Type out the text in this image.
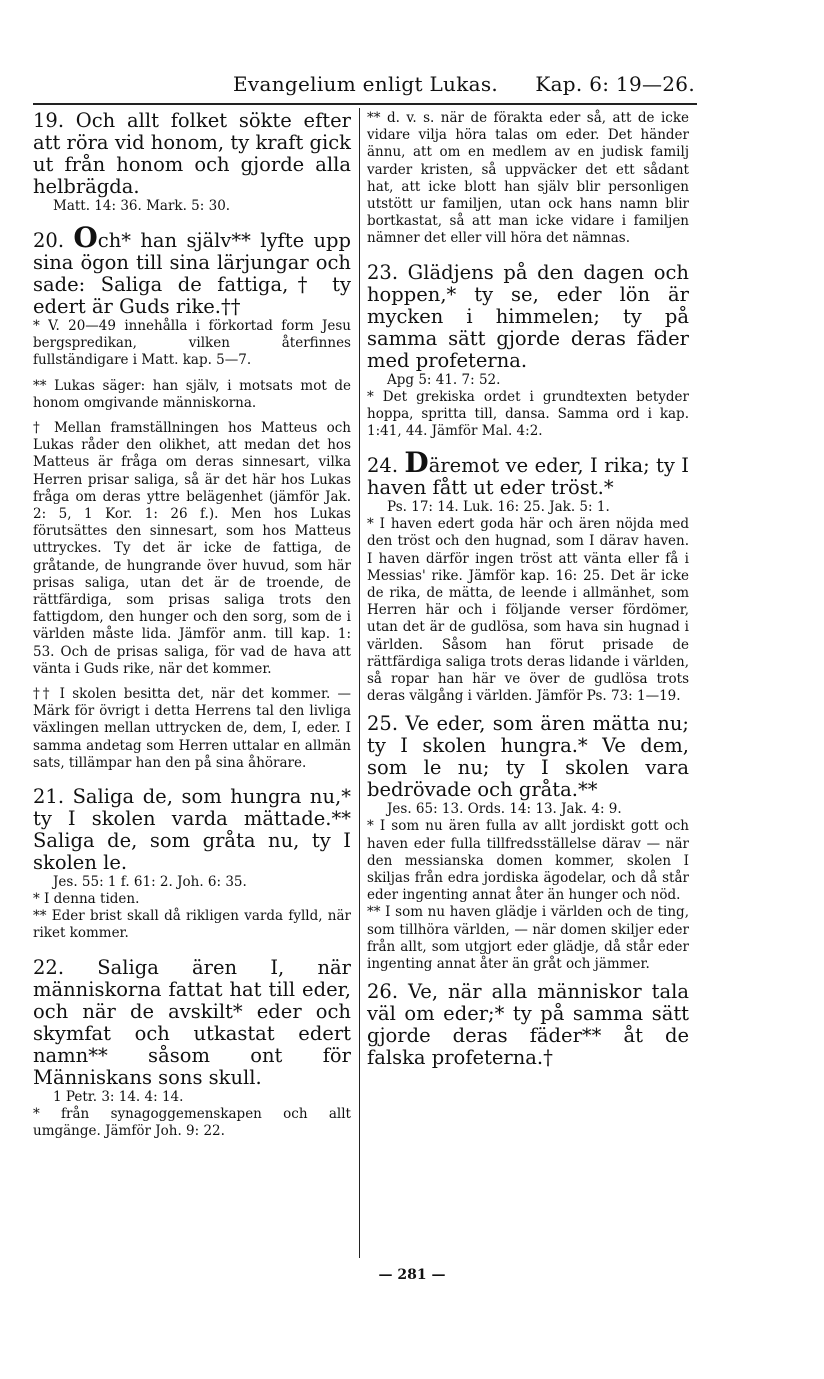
Evangelium enligt Lukas. Kap. 6: 19—26.

19. Och allt folket sökte efter att röra vid honom, ty kraft gick ut från honom och gjorde alla helbrägda.

Matt. 14: 36. Mark. 5: 30.

20. Och* han själv** lyfte upp sina ögon till sina lärjungar och sade: Saliga de fattiga,† ty edert är Guds rike.††

* V. 20—49 innehålla i förkortad form Jesu bergspredikan, vilken återfinnes fullständigare i Matt. kap. 5—7.

** Lukas säger: han själv, i motsats mot de honom omgivande människorna.

† Mellan framställningen hos Matteus och Lukas råder den olikhet, att medan det hos Matteus är fråga om deras sinnesart, vilka Herren prisar saliga, så är det här hos Lukas fråga om deras yttre belägenhet (jämför Jak. 2: 5, 1 Kor. 1: 26 f.). Men hos Lukas förutsättes den sinnesart, som hos Matteus uttryckes. Ty det är icke de fattiga, de gråtande, de hungrande över huvud, som här prisas saliga, utan det är de troende, de rättfärdiga, som prisas saliga trots den fattigdom, den hunger och den sorg, som de i världen måste lida. Jämför anm. till kap. 1: 53. Och de prisas saliga, för vad de hava att vänta i Guds rike, när det kommer.

†† I skolen besitta det, när det kommer. — Märk för övrigt i detta Herrens tal den livliga växlingen mellan uttrycken de, dem, I, eder. I samma andetag som Herren uttalar en allmän sats, tillämpar han den på sina åhörare.

21. Saliga de, som hungra nu,* ty I skolen varda mättade.** Saliga de, som gråta nu, ty I skolen le.

Jes. 55: 1 f. 61: 2. Joh. 6: 35.

* I denna tiden.

** Eder brist skall då rikligen varda fylld, när riket kommer.

22. Saliga ären I, när människorna fattat hat till eder, och när de avskilt* eder och skymfat och utkastat edert namn** såsom ont för Människans sons skull.

1 Petr. 3: 14. 4: 14.

* från synagoggemenskapen och allt umgänge. Jämför Joh. 9: 22.

** d. v. s. när de förakta eder så, att de icke vidare vilja höra talas om eder. Det händer ännu, att om en medlem av en judisk familj varder kristen, så uppväcker det ett sådant hat, att icke blott han själv blir personligen utstött ur familjen, utan ock hans namn blir bortkastat, så att man icke vidare i familjen nämner det eller vill höra det nämnas.

23. Glädjens på den dagen och hoppen,* ty se, eder lön är mycken i himmelen; ty på samma sätt gjorde deras fäder med profeterna.

Apg 5: 41. 7: 52.

* Det grekiska ordet i grundtexten betyder hoppa, spritta till, dansa. Samma ord i kap. 1:41, 44. Jämför Mal. 4:2.

24. Däremot ve eder, I rika; ty I haven fått ut eder tröst.*

Ps. 17: 14. Luk. 16: 25. Jak. 5: 1.

* I haven edert goda här och ären nöjda med den tröst och den hugnad, som I därav haven. I haven därför ingen tröst att vänta eller få i Messias' rike. Jämför kap. 16: 25. Det är icke de rika, de mätta, de leende i allmänhet, som Herren här och i följande verser fördömer, utan det är de gudlösa, som hava sin hugnad i världen. Såsom han förut prisade de rättfärdiga saliga trots deras lidande i världen, så ropar han här ve över de gudlösa trots deras välgång i världen. Jämför Ps. 73: 1—19.

25. Ve eder, som ären mätta nu; ty I skolen hungra.* Ve dem, som le nu; ty I skolen vara bedrövade och gråta.**

Jes. 65: 13. Ords. 14: 13. Jak. 4: 9.

* I som nu ären fulla av allt jordiskt gott och haven eder fulla tillfredsställelse därav — när den messianska domen kommer, skolen I skiljas från edra jordiska ägodelar, och då står eder ingenting annat åter än hunger och nöd.

** I som nu haven glädje i världen och de ting, som tillhöra världen, — när domen skiljer eder från allt, som utgjort eder glädje, då står eder ingenting annat åter än gråt och jämmer.

26. Ve, när alla människor tala väl om eder;* ty på samma sätt gjorde deras fäder** åt de falska profeterna.†

— 281 —
